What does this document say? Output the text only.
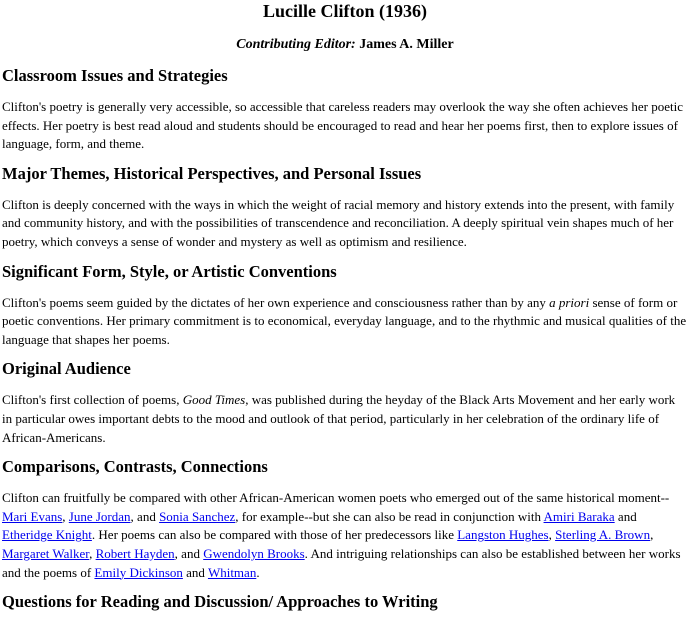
Lucille Clifton (1936)
Contributing Editor: James A. Miller
Classroom Issues and Strategies

Clifton's poetry is generally very accessible, so accessible that careless readers may overlook the way she often achieves her poetic effects. Her poetry is best read aloud and students should be encouraged to read and hear her poems first, then to explore issues of language, form, and theme.

Major Themes, Historical Perspectives, and Personal Issues

Clifton is deeply concerned with the ways in which the weight of racial memory and history extends into the present, with family and community history, and with the possibilities of transcendence and reconciliation. A deeply spiritual vein shapes much of her poetry, which conveys a sense of wonder and mystery as well as optimism and resilience.

Significant Form, Style, or Artistic Conventions

Clifton's poems seem guided by the dictates of her own experience and consciousness rather than by any a priori sense of form or poetic conventions. Her primary commitment is to economical, everyday language, and to the rhythmic and musical qualities of the language that shapes her poems.

Original Audience

Clifton's first collection of poems, Good Times, was published during the heyday of the Black Arts Movement and her early work in particular owes important debts to the mood and outlook of that period, particularly in her celebration of the ordinary life of African-Americans.

Comparisons, Contrasts, Connections

Clifton can fruitfully be compared with other African-American women poets who emerged out of the same historical moment-- Mari Evans, June Jordan, and Sonia Sanchez, for example--but she can also be read in conjunction with Amiri Baraka and Etheridge Knight. Her poems can also be compared with those of her predecessors like Langston Hughes, Sterling A. Brown, Margaret Walker, Robert Hayden, and Gwendolyn Brooks. And intriguing relationships can also be established between her works and the poems of Emily Dickinson and Whitman.

Questions for Reading and Discussion/ Approaches to Writing
